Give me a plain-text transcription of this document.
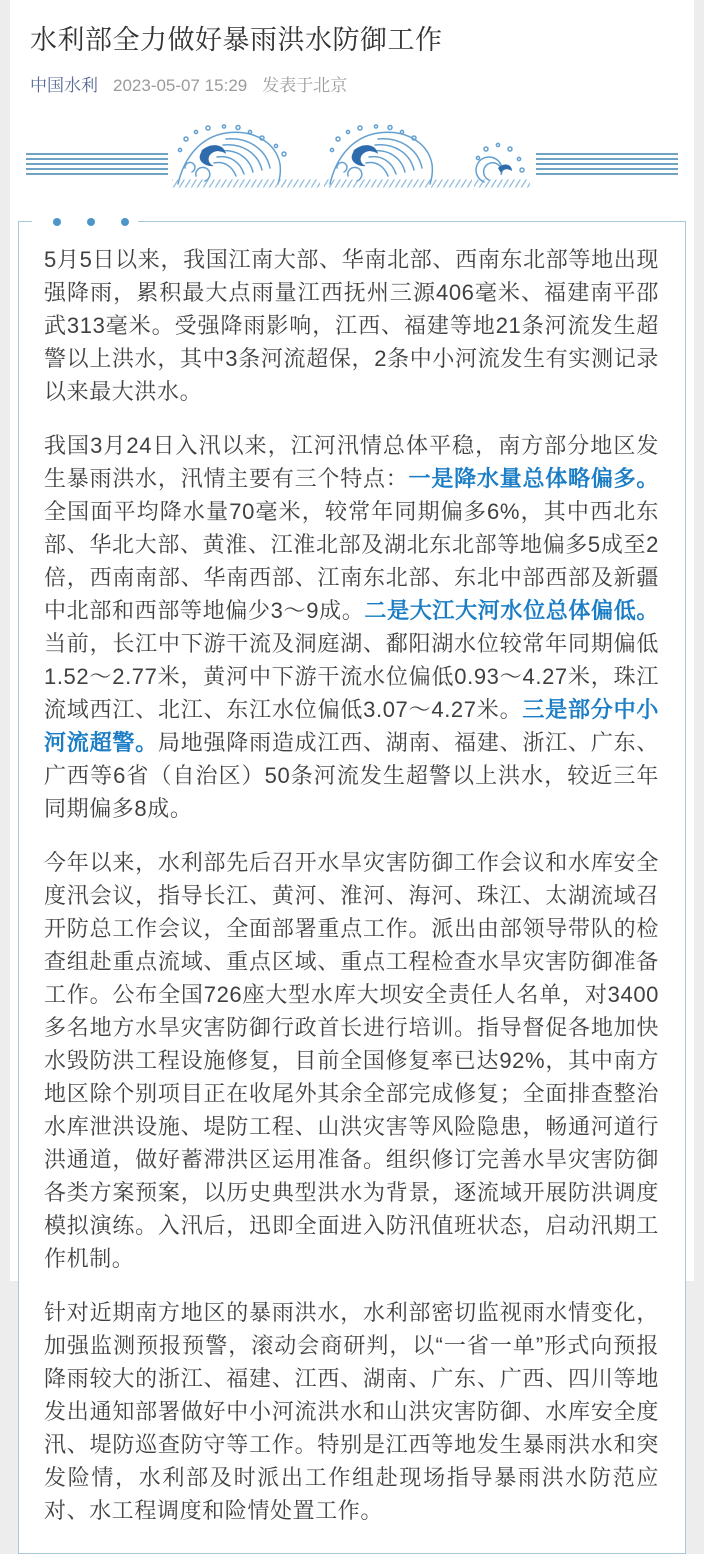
水利部全力做好暴雨洪水防御工作
中国水利 2023-05-07 15:29 发表于北京

5月5日以来，我国江南大部、华南北部、西南东北部等地出现强降雨，累积最大点雨量江西抚州三源406毫米、福建南平邵武313毫米。受强降雨影响，江西、福建等地21条河流发生超警以上洪水，其中3条河流超保，2条中小河流发生有实测记录以来最大洪水。

我国3月24日入汛以来，江河汛情总体平稳，南方部分地区发生暴雨洪水，汛情主要有三个特点：一是降水量总体略偏多。全国面平均降水量70毫米，较常年同期偏多6%，其中西北东部、华北大部、黄淮、江淮北部及湖北东北部等地偏多5成至2倍，西南南部、华南西部、江南东北部、东北中部西部及新疆中北部和西部等地偏少3～9成。二是大江大河水位总体偏低。当前，长江中下游干流及洞庭湖、鄱阳湖水位较常年同期偏低1.52～2.77米，黄河中下游干流水位偏低0.93～4.27米，珠江流域西江、北江、东江水位偏低3.07～4.27米。三是部分中小河流超警。局地强降雨造成江西、湖南、福建、浙江、广东、广西等6省（自治区）50条河流发生超警以上洪水，较近三年同期偏多8成。

今年以来，水利部先后召开水旱灾害防御工作会议和水库安全度汛会议，指导长江、黄河、淮河、海河、珠江、太湖流域召开防总工作会议，全面部署重点工作。派出由部领导带队的检查组赴重点流域、重点区域、重点工程检查水旱灾害防御准备工作。公布全国726座大型水库大坝安全责任人名单，对3400多名地方水旱灾害防御行政首长进行培训。指导督促各地加快水毁防洪工程设施修复，目前全国修复率已达92%，其中南方地区除个别项目正在收尾外其余全部完成修复；全面排查整治水库泄洪设施、堤防工程、山洪灾害等风险隐患，畅通河道行洪通道，做好蓄滞洪区运用准备。组织修订完善水旱灾害防御各类方案预案，以历史典型洪水为背景，逐流域开展防洪调度模拟演练。入汛后，迅即全面进入防汛值班状态，启动汛期工作机制。

针对近期南方地区的暴雨洪水，水利部密切监视雨水情变化，加强监测预报预警，滚动会商研判，以“一省一单”形式向预报降雨较大的浙江、福建、江西、湖南、广东、广西、四川等地发出通知部署做好中小河流洪水和山洪灾害防御、水库安全度汛、堤防巡查防守等工作。特别是江西等地发生暴雨洪水和突发险情，水利部及时派出工作组赴现场指导暴雨洪水防范应对、水工程调度和险情处置工作。
